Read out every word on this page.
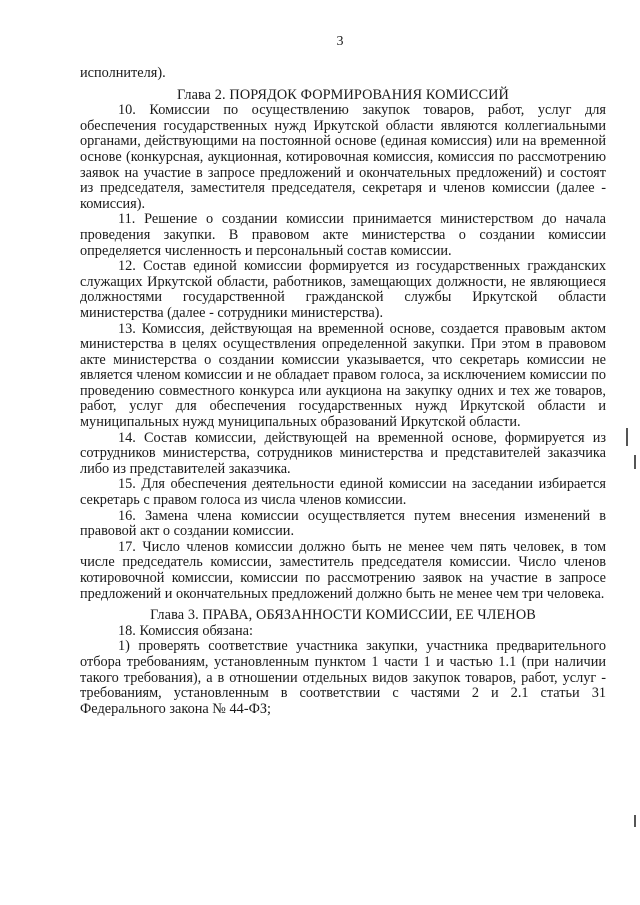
3

исполнителя).

Глава 2. ПОРЯДОК ФОРМИРОВАНИЯ КОМИССИЙ

10. Комиссии по осуществлению закупок товаров, работ, услуг для обеспечения государственных нужд Иркутской области являются коллегиальными органами, действующими на постоянной основе (единая комиссия) или на временной основе (конкурсная, аукционная, котировочная комиссия, комиссия по рассмотрению заявок на участие в запросе предложений и окончательных предложений) и состоят из председателя, заместителя председателя, секретаря и членов комиссии (далее - комиссия).

11. Решение о создании комиссии принимается министерством до начала проведения закупки. В правовом акте министерства о создании комиссии определяется численность и персональный состав комиссии.

12. Состав единой комиссии формируется из государственных гражданских служащих Иркутской области, работников, замещающих должности, не являющиеся должностями государственной гражданской службы Иркутской области министерства (далее - сотрудники министерства).

13. Комиссия, действующая на временной основе, создается правовым актом министерства в целях осуществления определенной закупки. При этом в правовом акте министерства о создании комиссии указывается, что секретарь комиссии не является членом комиссии и не обладает правом голоса, за исключением комиссии по проведению совместного конкурса или аукциона на закупку одних и тех же товаров, работ, услуг для обеспечения государственных нужд Иркутской области и муниципальных нужд муниципальных образований Иркутской области.

14. Состав комиссии, действующей на временной основе, формируется из сотрудников министерства, сотрудников министерства и представителей заказчика либо из представителей заказчика.

15. Для обеспечения деятельности единой комиссии на заседании избирается секретарь с правом голоса из числа членов комиссии.

16. Замена члена комиссии осуществляется путем внесения изменений в правовой акт о создании комиссии.

17. Число членов комиссии должно быть не менее чем пять человек, в том числе председатель комиссии, заместитель председателя комиссии. Число членов котировочной комиссии, комиссии по рассмотрению заявок на участие в запросе предложений и окончательных предложений должно быть не менее чем три человека.

Глава 3. ПРАВА, ОБЯЗАННОСТИ КОМИССИИ, ЕЕ ЧЛЕНОВ

18. Комиссия обязана:

1) проверять соответствие участника закупки, участника предварительного отбора требованиям, установленным пунктом 1 части 1 и частью 1.1 (при наличии такого требования), а в отношении отдельных видов закупок товаров, работ, услуг - требованиям, установленным в соответствии с частями 2 и 2.1 статьи 31 Федерального закона № 44-ФЗ;
